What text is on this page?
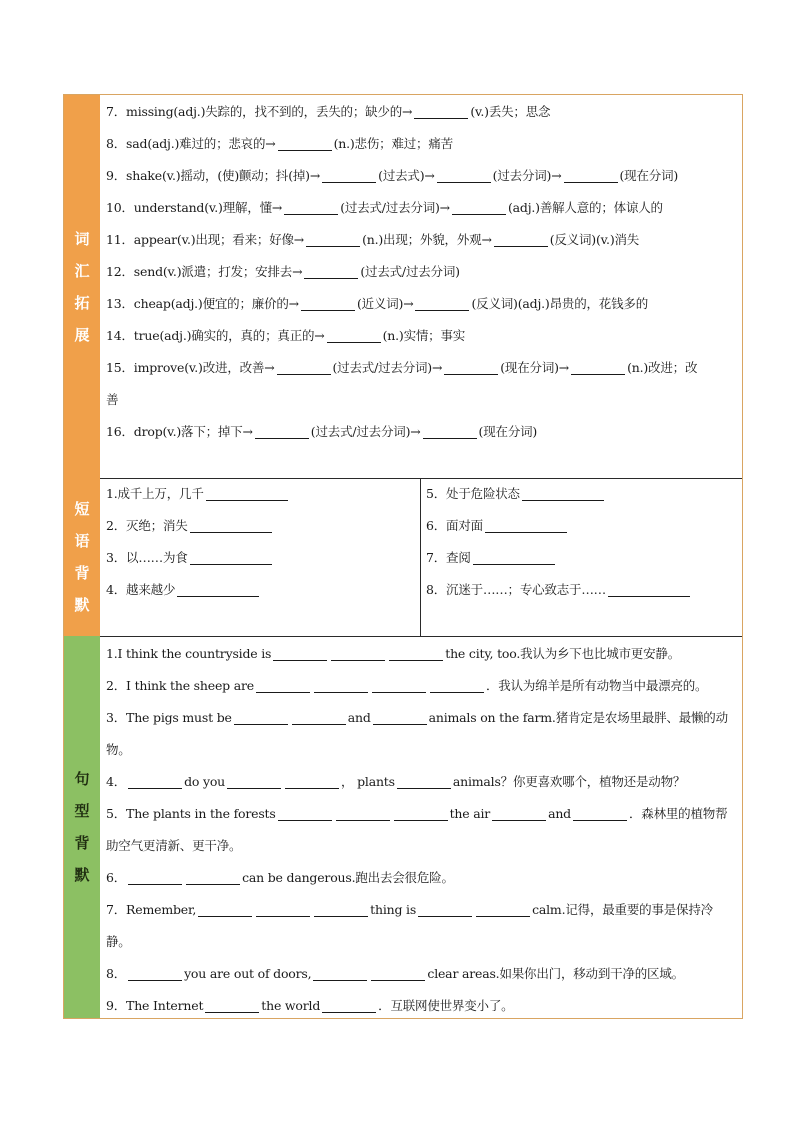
词
汇
拓
展
短
语
背
默
句
型
背
默
7．missing(adj.)失踪的，找不到的，丢失的；缺少的→	(v.)丢失；思念
8．sad(adj.)难过的；悲哀的→	(n.)悲伤；难过；痛苦
9．shake(v.)摇动，(使)颤动；抖(掉)→	(过去式)→	(过去分词)→	(现在分词)
10．understand(v.)理解，懂→	(过去式/过去分词)→	(adj.)善解人意的；体谅人的
11．appear(v.)出现；看来；好像→	(n.)出现；外貌，外观→	(反义词)(v.)消失
12．send(v.)派遣；打发；安排去→	(过去式/过去分词)
13．cheap(adj.)便宜的；廉价的→	(近义词)→	(反义词)(adj.)昂贵的，花钱多的
14．true(adj.)确实的，真的；真正的→	(n.)实情；事实
15．improve(v.)改进，改善→	(过去式/过去分词)→	(现在分词)→	(n.)改进；改
善
16．drop(v.)落下；掉下→	(过去式/过去分词)→	(现在分词)
1.成千上万，几千
2．灭绝；消失
3．以……为食
4．越来越少
5．处于危险状态
6．面对面
7．查阅
8．沉迷于……；专心致志于……
1.I think the countryside is	the city, too.我认为乡下也比城市更安静。
2．I think the sheep are	．我认为绵羊是所有动物当中最漂亮的。
3．The pigs must be	and	animals on the farm.猪肯定是农场里最胖、最懒的动
物。
4．	do you	， plants	animals？你更喜欢哪个，植物还是动物？
5．The plants in the forests	the air	and	．森林里的植物帮
助空气更清新、更干净。
6．	can be dangerous.跑出去会很危险。
7．Remember,	thing is	calm.记得，最重要的事是保持冷
静。
8．	you are out of doors,	clear areas.如果你出门，移动到干净的区域。
9．The Internet	the world	．互联网使世界变小了。
